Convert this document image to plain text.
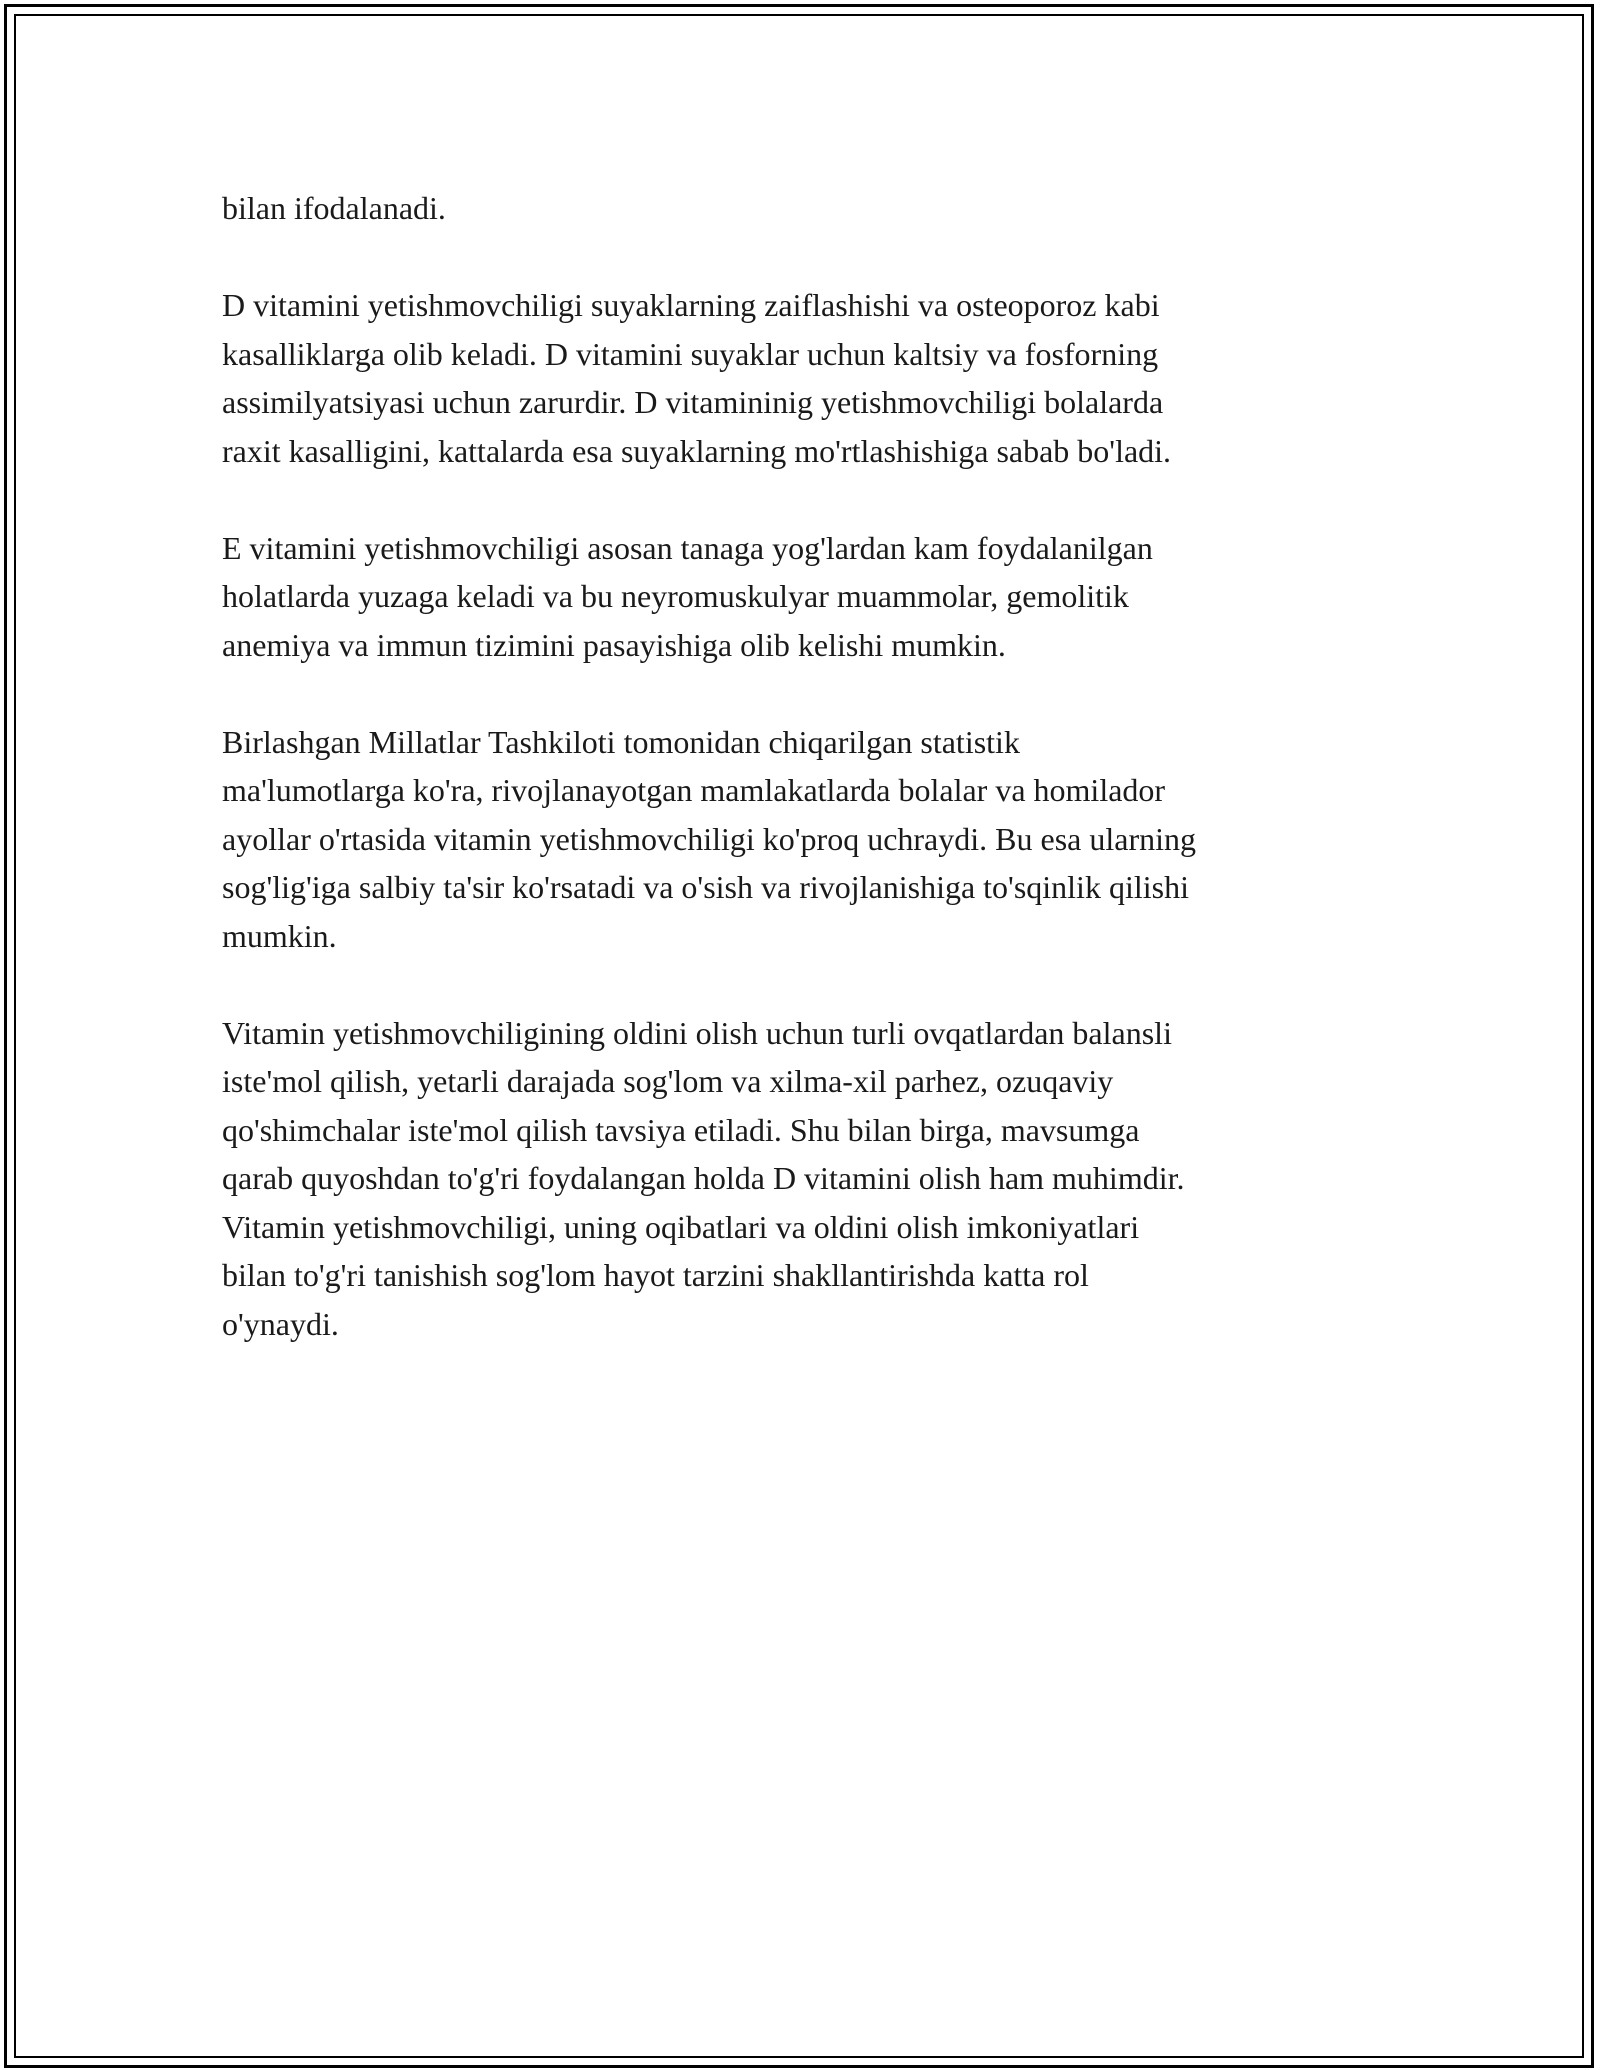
bilan ifodalanadi.

D vitamini yetishmovchiligi suyaklarning zaiflashishi va osteoporoz kabi
kasalliklarga olib keladi. D vitamini suyaklar uchun kaltsiy va fosforning
assimilyatsiyasi uchun zarurdir. D vitamininig yetishmovchiligi bolalarda
raxit kasalligini, kattalarda esa suyaklarning mo'rtlashishiga sabab bo'ladi.

E vitamini yetishmovchiligi asosan tanaga yog'lardan kam foydalanilgan
holatlarda yuzaga keladi va bu neyromuskulyar muammolar, gemolitik
anemiya va immun tizimini pasayishiga olib kelishi mumkin.

Birlashgan Millatlar Tashkiloti tomonidan chiqarilgan statistik
ma'lumotlarga ko'ra, rivojlanayotgan mamlakatlarda bolalar va homilador
ayollar o'rtasida vitamin yetishmovchiligi ko'proq uchraydi. Bu esa ularning
sog'lig'iga salbiy ta'sir ko'rsatadi va o'sish va rivojlanishiga to'sqinlik qilishi
mumkin.

Vitamin yetishmovchiligining oldini olish uchun turli ovqatlardan balansli
iste'mol qilish, yetarli darajada sog'lom va xilma-xil parhez, ozuqaviy
qo'shimchalar iste'mol qilish tavsiya etiladi. Shu bilan birga, mavsumga
qarab quyoshdan to'g'ri foydalangan holda D vitamini olish ham muhimdir.
Vitamin yetishmovchiligi, uning oqibatlari va oldini olish imkoniyatlari
bilan to'g'ri tanishish sog'lom hayot tarzini shakllantirishda katta rol
o'ynaydi.
